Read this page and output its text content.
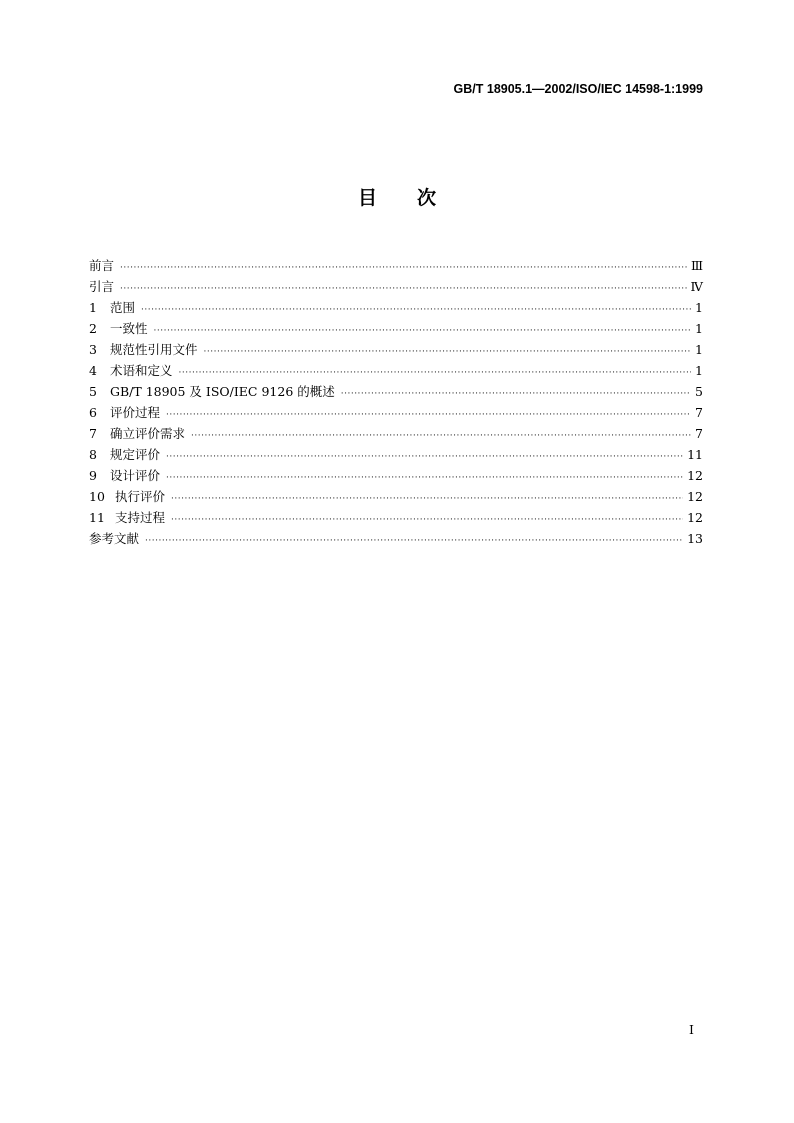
GB/T 18905.1—2002/ISO/IEC 14598-1:1999
目次
前言 ·····	Ⅲ
引言 ·····	Ⅳ
1	范围 ·····	1
2	一致性 ·····	1
3	规范性引用文件 ·····	1
4	术语和定义 ·····	1
5	GB/T 18905 及 ISO/IEC 9126 的概述 ·····	5
6	评价过程 ·····	7
7	确立评价需求 ·····	7
8	规定评价 ·····	11
9	设计评价 ·····	12
10 执行评价 ·····	12
11 支持过程 ·····	12
参考文献 ·····	13
I
